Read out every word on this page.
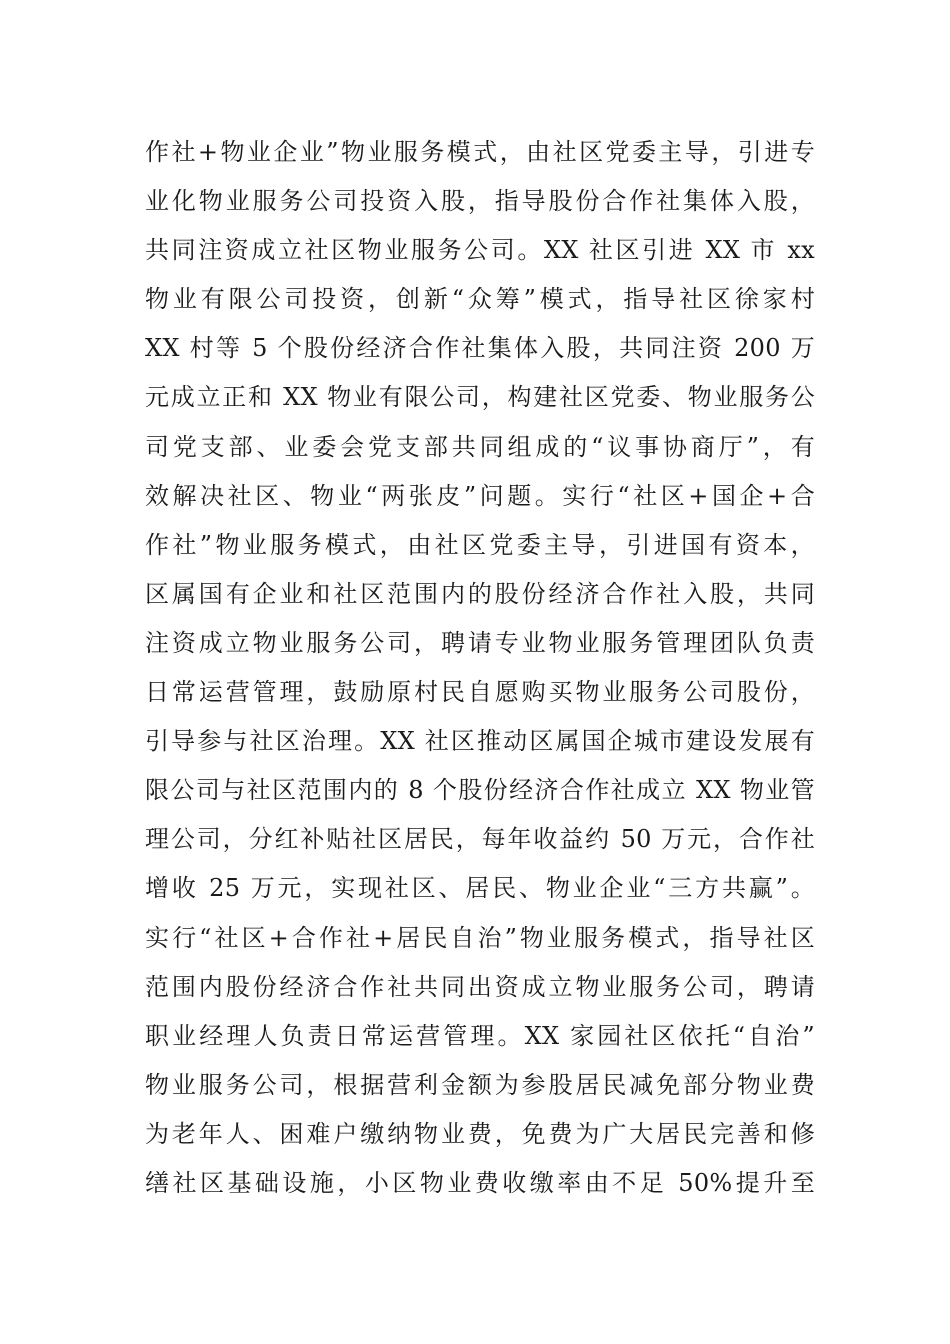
作社+物业企业”物业服务模式，由社区党委主导，引进专
业化物业服务公司投资入股，指导股份合作社集体入股，
共同注资成立社区物业服务公司。XX 社区引进 XX 市 xx
物业有限公司投资，创新“众筹”模式，指导社区徐家村
XX 村等 5 个股份经济合作社集体入股，共同注资 200 万
元成立正和 XX 物业有限公司，构建社区党委、物业服务公
司党支部、业委会党支部共同组成的“议事协商厅”，有
效解决社区、物业“两张皮”问题。实行“社区+国企+合
作社”物业服务模式，由社区党委主导，引进国有资本，
区属国有企业和社区范围内的股份经济合作社入股，共同
注资成立物业服务公司，聘请专业物业服务管理团队负责
日常运营管理，鼓励原村民自愿购买物业服务公司股份，
引导参与社区治理。XX 社区推动区属国企城市建设发展有
限公司与社区范围内的 8 个股份经济合作社成立 XX 物业管
理公司，分红补贴社区居民，每年收益约 50 万元，合作社
增收 25 万元，实现社区、居民、物业企业“三方共赢”。
实行“社区+合作社+居民自治”物业服务模式，指导社区
范围内股份经济合作社共同出资成立物业服务公司，聘请
职业经理人负责日常运营管理。XX 家园社区依托“自治”
物业服务公司，根据营利金额为参股居民减免部分物业费
为老年人、困难户缴纳物业费，免费为广大居民完善和修
缮社区基础设施，小区物业费收缴率由不足 50%提升至
